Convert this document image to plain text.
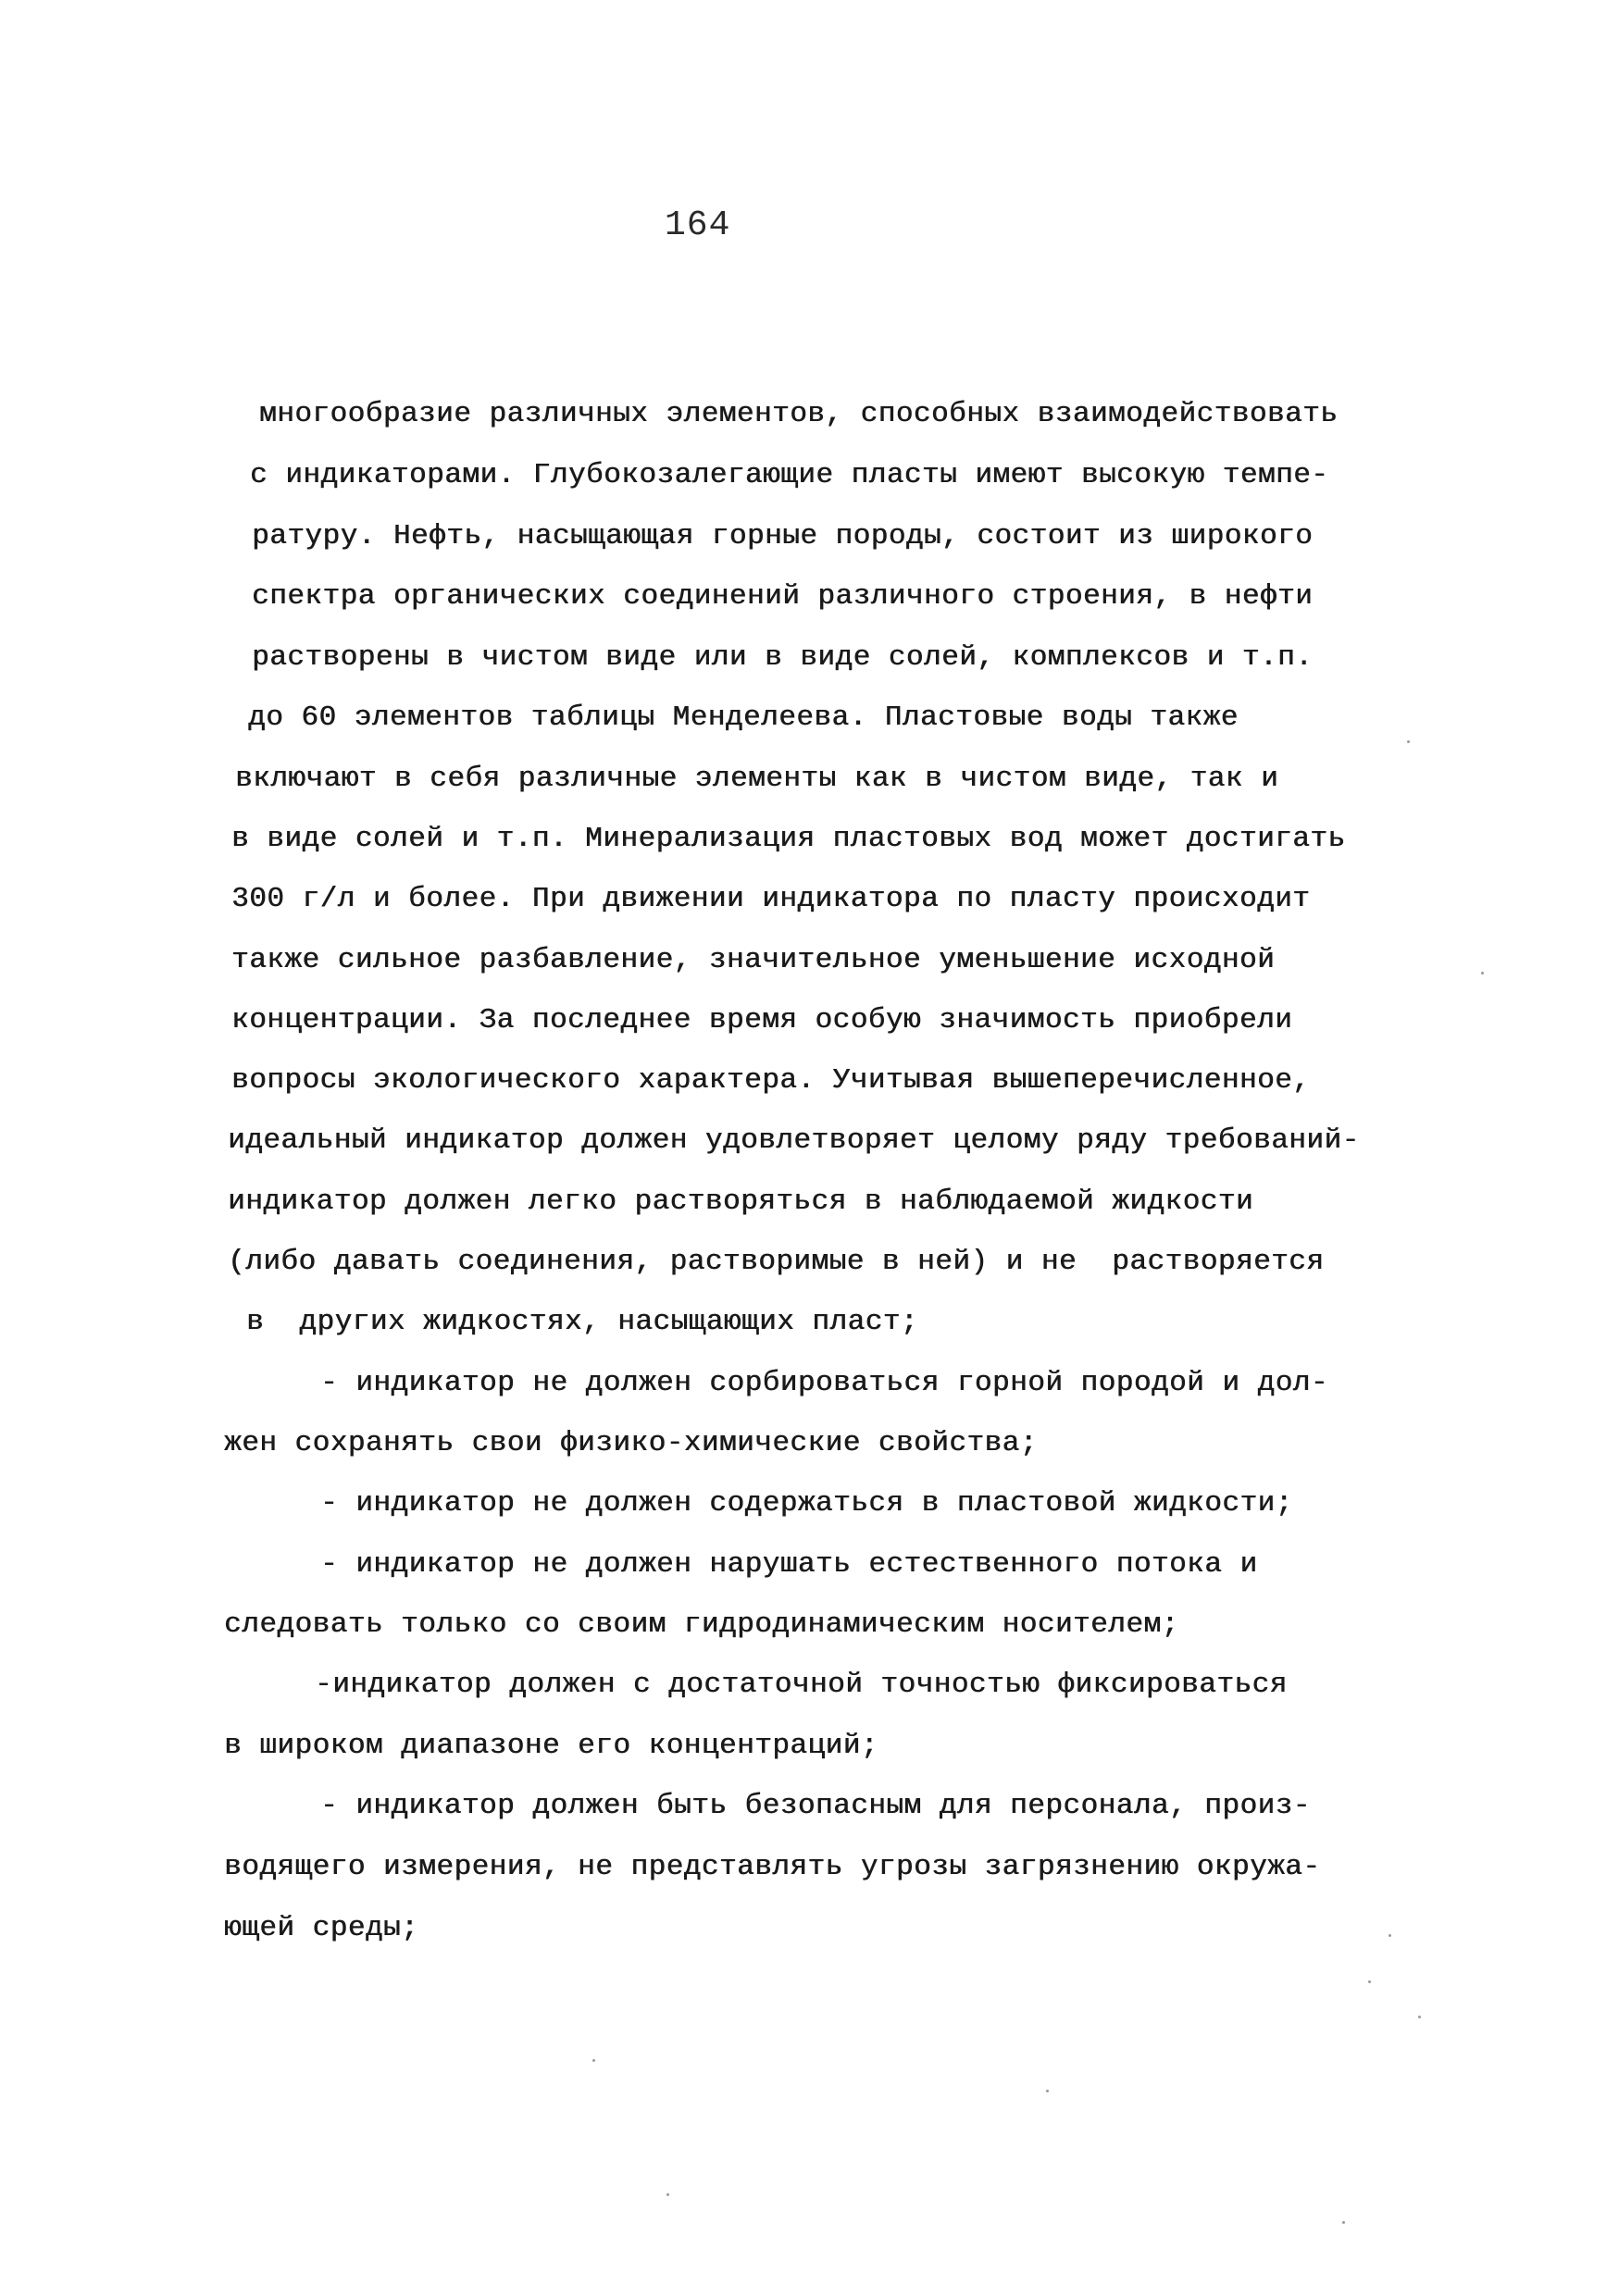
164
многообразие различных элементов, способных взаимодействовать
с индикаторами. Глубокозалегающие пласты имеют высокую темпе-
ратуру. Нефть, насыщающая горные породы, состоит из широкого
спектра органических соединений различного строения, в нефти
растворены в чистом виде или в виде солей, комплексов и т.п.
до 60 элементов таблицы Менделеева. Пластовые воды также
включают в себя различные элементы как в чистом виде, так и
в виде солей и т.п. Минерализация пластовых вод может достигать
300 г/л и более. При движении индикатора по пласту происходит
также сильное разбавление, значительное уменьшение исходной
концентрации. За последнее время особую значимость приобрели
вопросы экологического характера. Учитывая вышеперечисленное,
идеальный индикатор должен удовлетворяет целому ряду требований-
индикатор должен легко растворяться в наблюдаемой жидкости
(либо давать соединения, растворимые в ней) и не  растворяется
в  других жидкостях, насыщающих пласт;
- индикатор не должен сорбироваться горной породой и дол-
жен сохранять свои физико-химические свойства;
- индикатор не должен содержаться в пластовой жидкости;
- индикатор не должен нарушать естественного потока и
следовать только со своим гидродинамическим носителем;
-индикатор должен с достаточной точностью фиксироваться
в широком диапазоне его концентраций;
- индикатор должен быть безопасным для персонала, произ-
водящего измерения, не представлять угрозы загрязнению окружа-
ющей среды;
